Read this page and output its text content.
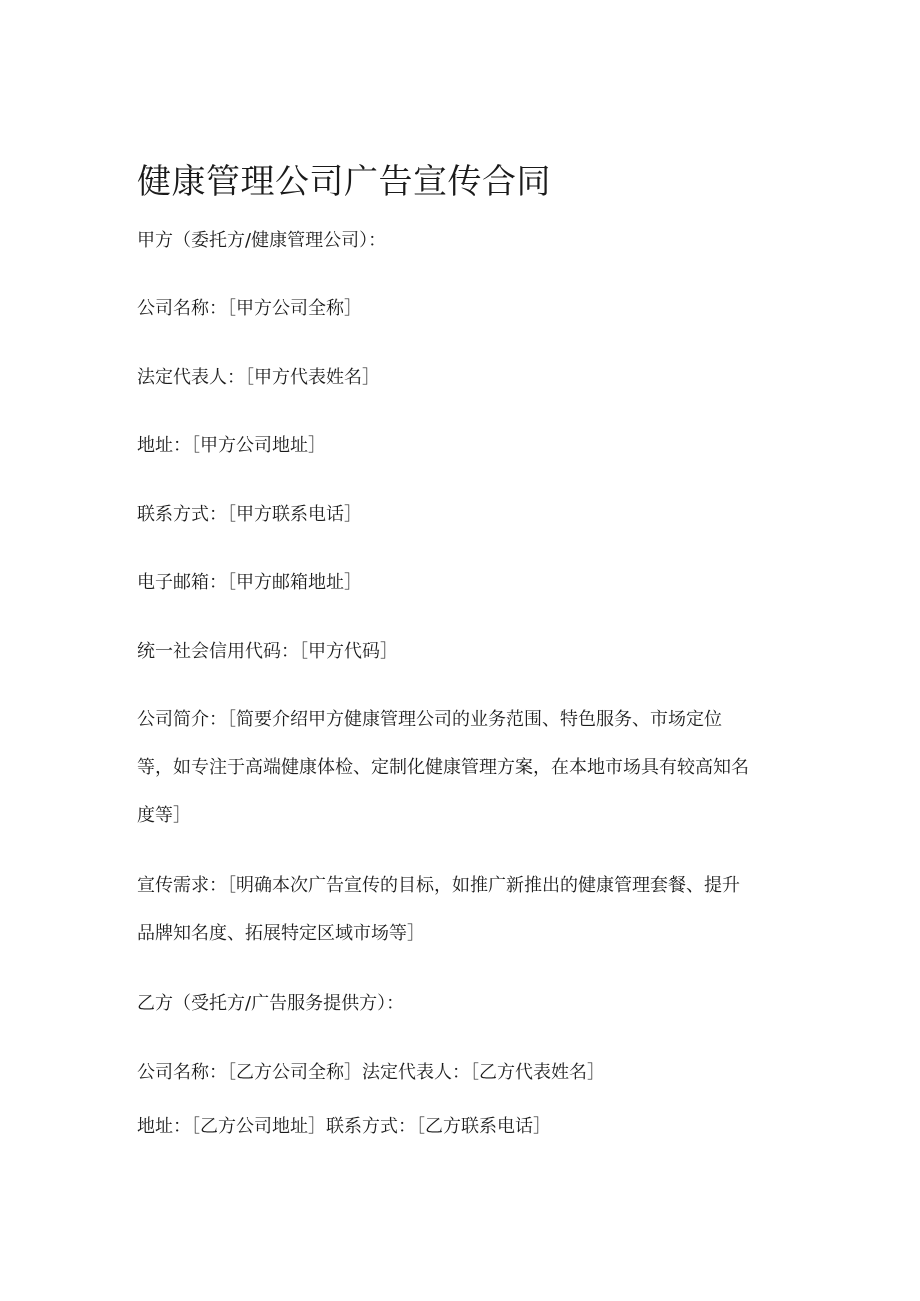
健康管理公司广告宣传合同
甲方（委托方/健康管理公司）：
公司名称：［甲方公司全称］
法定代表人：［甲方代表姓名］
地址：［甲方公司地址］
联系方式：［甲方联系电话］
电子邮箱：［甲方邮箱地址］
统一社会信用代码：［甲方代码］
公司简介：［简要介绍甲方健康管理公司的业务范围、特色服务、市场定位
等，如专注于高端健康体检、定制化健康管理方案，在本地市场具有较高知名
度等］
宣传需求：［明确本次广告宣传的目标，如推广新推出的健康管理套餐、提升
品牌知名度、拓展特定区域市场等］
乙方（受托方/广告服务提供方）：
公司名称：［乙方公司全称］法定代表人：［乙方代表姓名］
地址：［乙方公司地址］联系方式：［乙方联系电话］
